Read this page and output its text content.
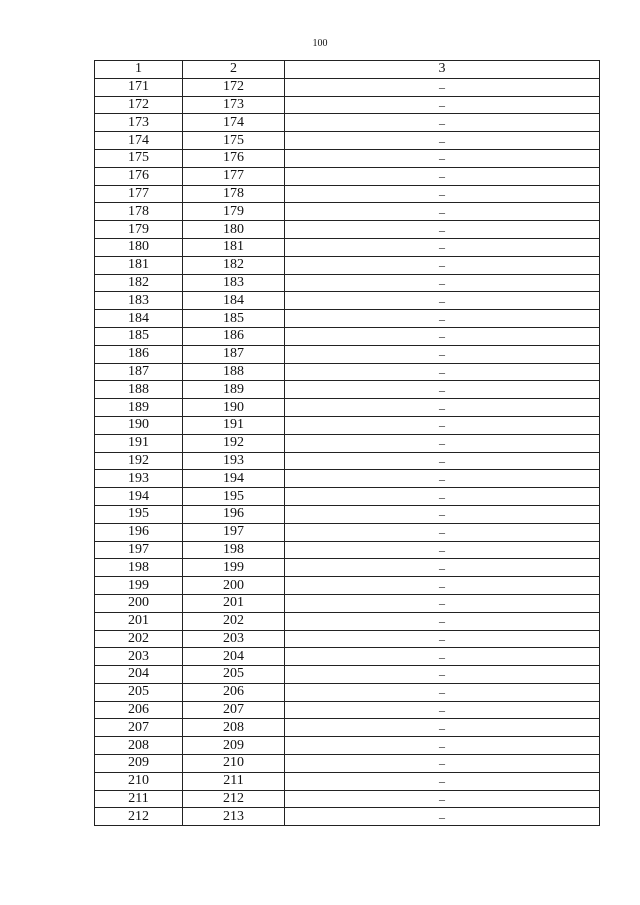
100
1	2	3
171	172	–
172	173	–
173	174	–
174	175	–
175	176	–
176	177	–
177	178	–
178	179	–
179	180	–
180	181	–
181	182	–
182	183	–
183	184	–
184	185	–
185	186	–
186	187	–
187	188	–
188	189	–
189	190	–
190	191	–
191	192	–
192	193	–
193	194	–
194	195	–
195	196	–
196	197	–
197	198	–
198	199	–
199	200	–
200	201	–
201	202	–
202	203	–
203	204	–
204	205	–
205	206	–
206	207	–
207	208	–
208	209	–
209	210	–
210	211	–
211	212	–
212	213	–
